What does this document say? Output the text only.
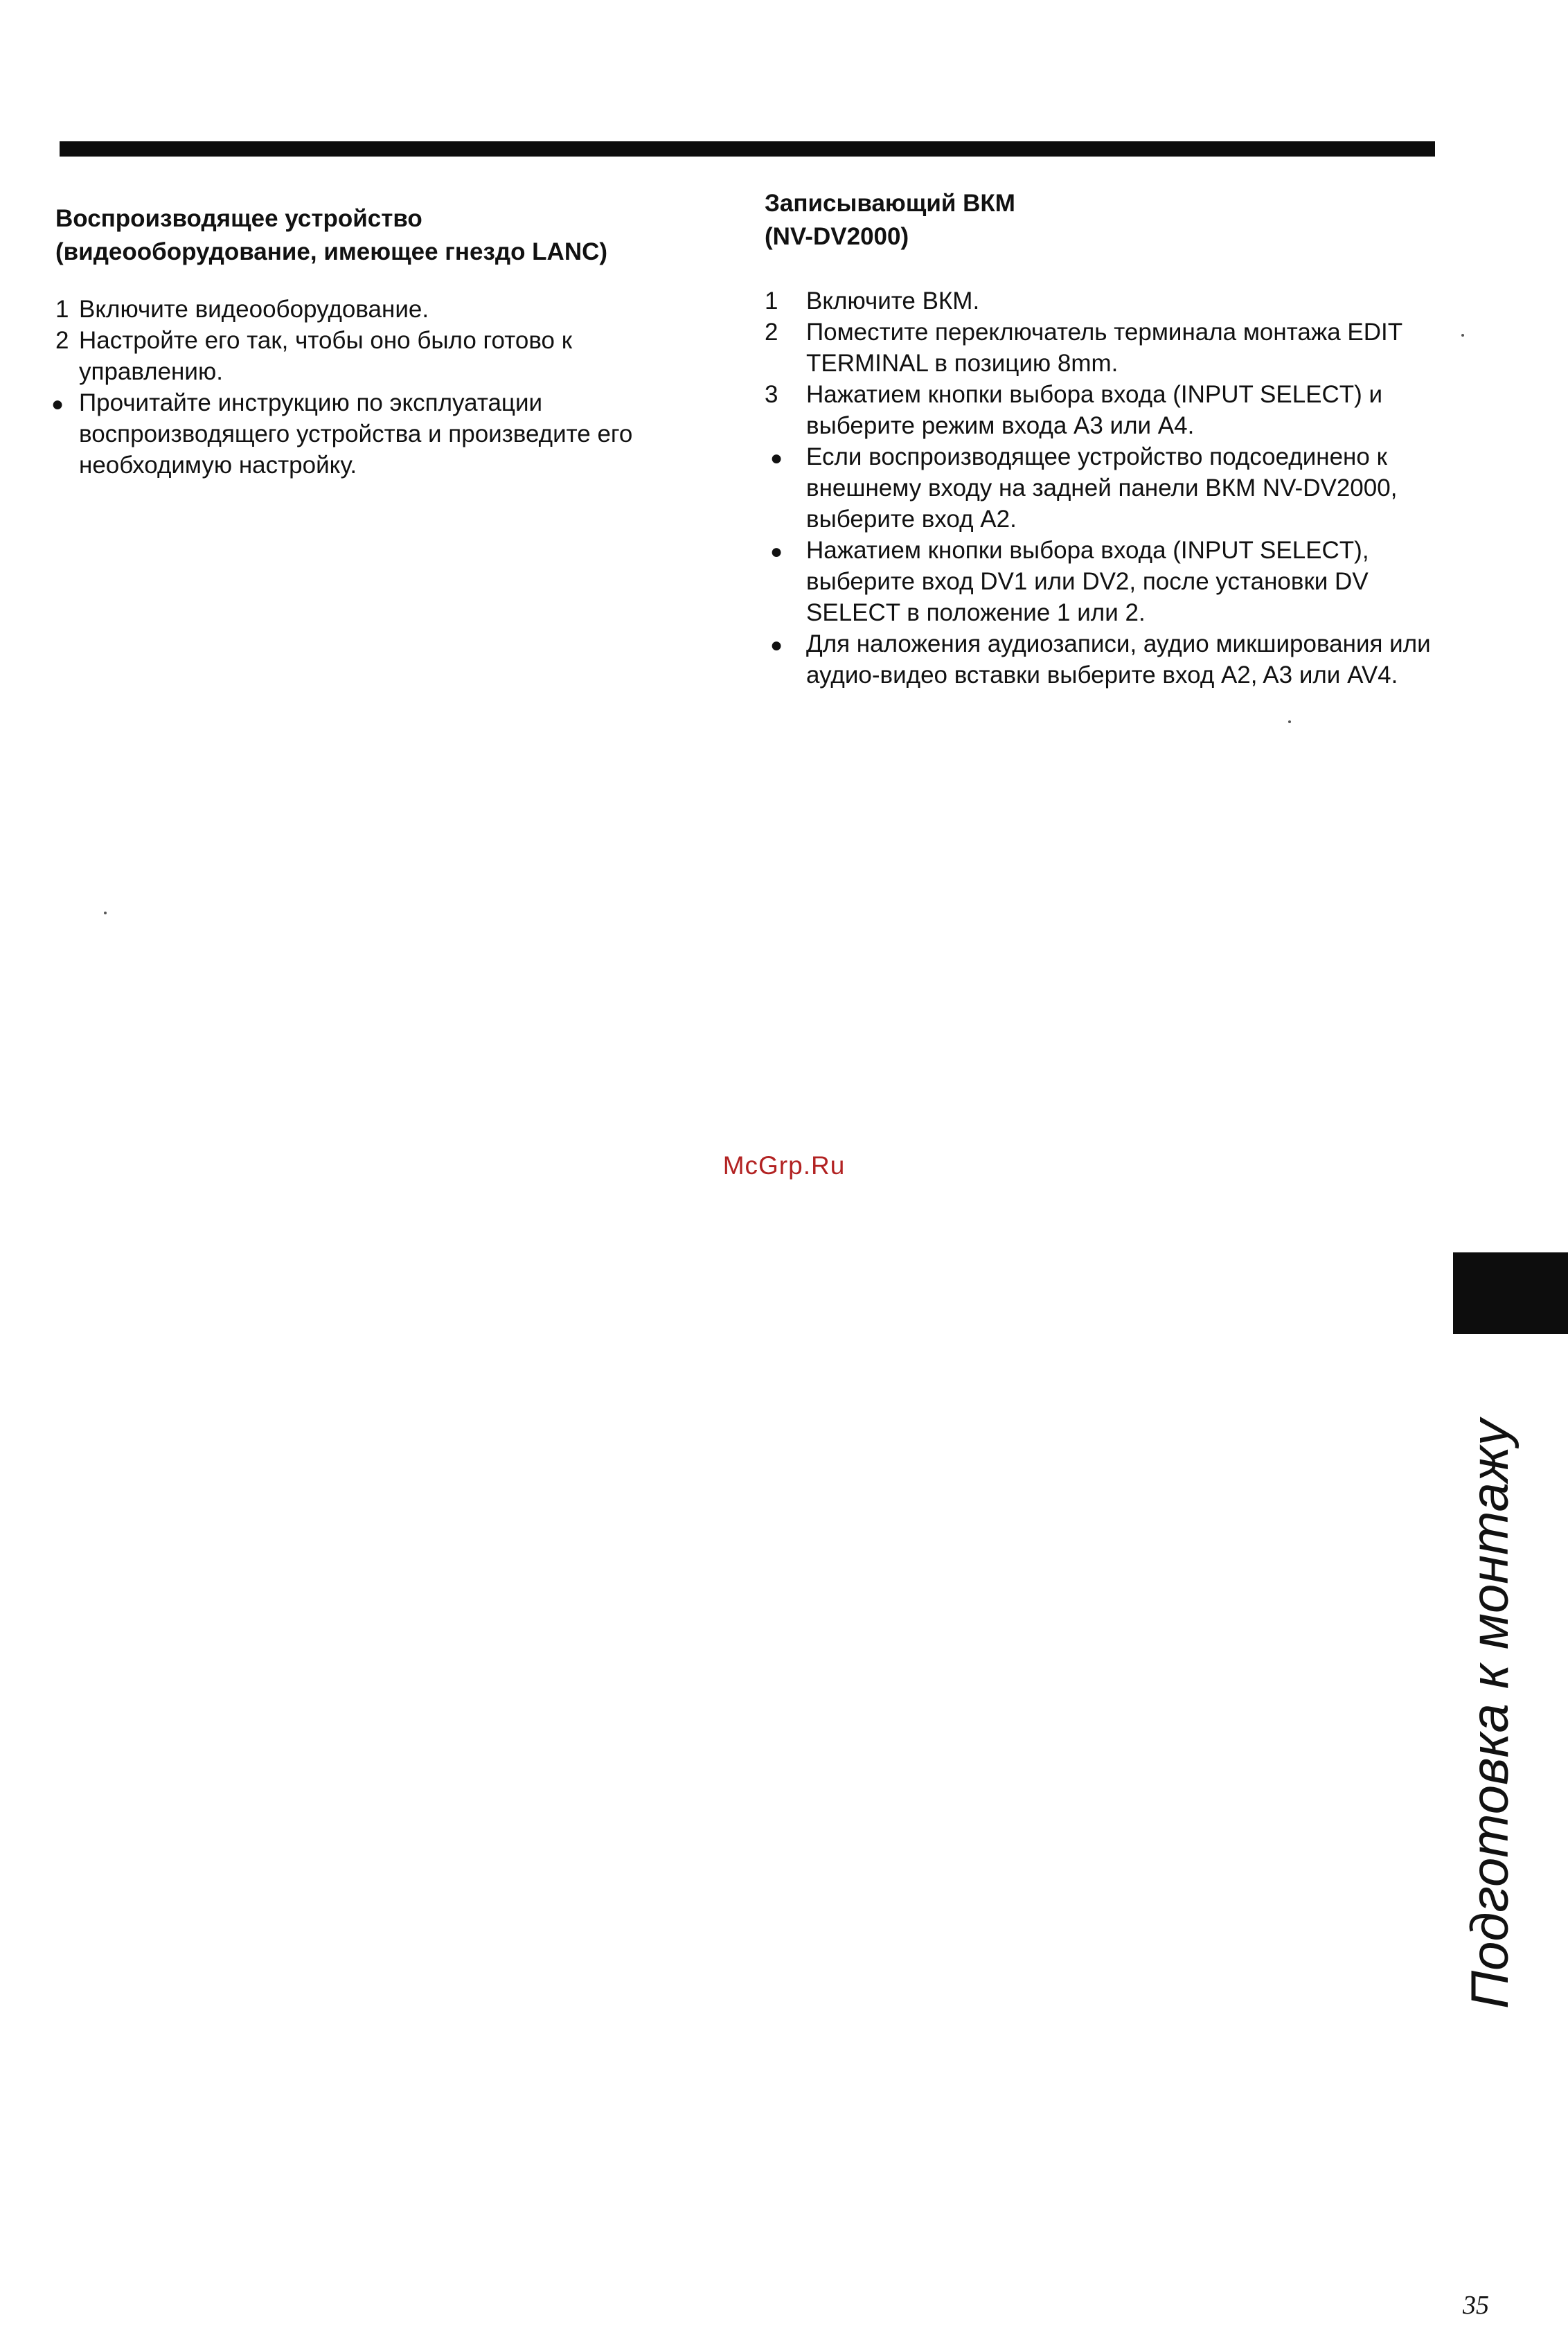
Воспроизводящее устройство
(видеооборудование, имеющее гнездо LANC)

1 Включите видеооборудование.
2 Настройте его так, чтобы оно было готово к управлению.
●
Прочитайте инструкцию по эксплуатации воспроизводящего устройства и произведите его необходимую настройку.

Записывающий ВКМ
(NV-DV2000)

1	Включите ВКМ.
2	Поместите переключатель терминала монтажа EDIT TERMINAL в позицию 8mm.
3	Нажатием кнопки выбора входа (INPUT SELECT) и выберите режим входа A3 или A4.
●
Если воспроизводящее устройство подсоединено к внешнему входу на задней панели ВКМ NV-DV2000, выберите вход A2.
●
Нажатием кнопки выбора входа (INPUT SELECT), выберите вход DV1 или DV2, после установки DV SELECT в положение 1 или 2.
●
Для наложения аудиозаписи, аудио микширования или аудио-видео вставки выберите вход A2, A3 или AV4.
McGrp.Ru
Подготовка к монтажу
35
